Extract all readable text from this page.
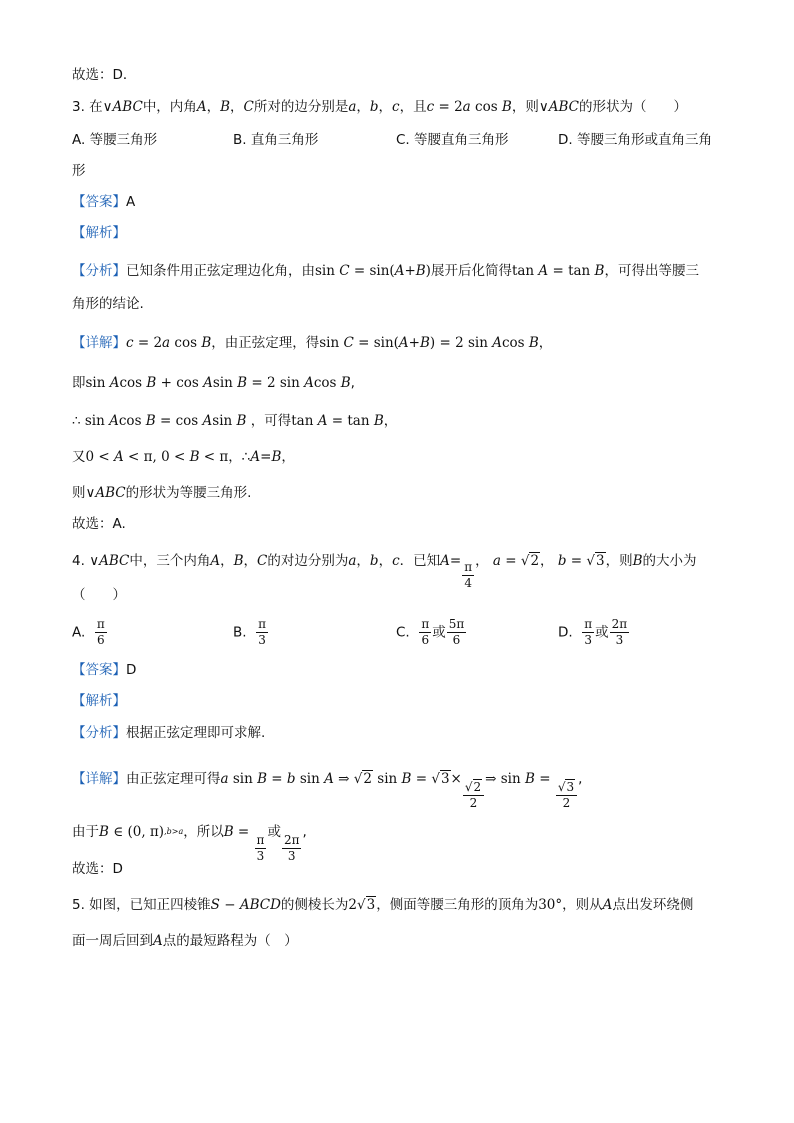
故选：D．
3. 在∨ABC中，内角A，B，C所对的边分别是a，b，c，且c = 2a cos B，则∨ABC的形状为（　　）
A. 等腰三角形	B. 直角三角形	C. 等腰直角三角形	D. 等腰三角形或直角三角
形
【答案】A
【解析】
【分析】已知条件用正弦定理边化角，由sin C = sin(A+B)展开后化简得tan A = tan B，可得出等腰三
角形的结论.
【详解】c = 2a cos B，由正弦定理，得sin C = sin(A+B) = 2 sin Acos B，
即sin Acos B + cos Asin B = 2 sin Acos B,
∴ sin Acos B = cos Asin B ，可得tan A = tan B，
又0 < A < π, 0 < B < π，∴A=B，
则∨ABC的形状为等腰三角形.
故选：A.
4. ∨ABC中，三个内角A，B，C的对边分别为a，b，c．已知$A= \frac{\pi}{4}$ ， a = √2， b = √3，则B的大小为
（　　）
A. $\frac{\pi}{6}$	B. $\frac{\pi}{3}$	C. $\frac{\pi}{6}$ 或 $\frac{5\pi}{6}$	D. $\frac{\pi}{3}$ 或 $\frac{2\pi}{3}$
【答案】D
【解析】
【分析】根据正弦定理即可求解.
【详解】由正弦定理可得a sin B = b sin A ⇒ √2 sin B = √3×
$\frac{√2}{2}$
⇒ sin B =
$\frac{√3}{2}$
,
由于B ∈ (0, π),b>a，所以B =
$\frac{\pi}{3}$
或
$\frac{2\pi}{3}$
,
故选：D
5. 如图，已知正四棱锥S − ABCD的侧棱长为2√3，侧面等腰三角形的顶角为30°，则从A点出发环绕侧
面一周后回到A点的最短路程为（　）
